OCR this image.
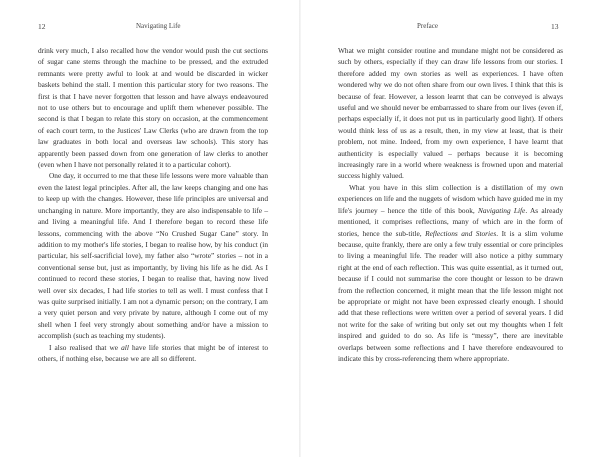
12	Navigating Life

drink very much, I also recalled how the vendor would push the cut sections of sugar cane stems through the machine to be pressed, and the extruded remnants were pretty awful to look at and would be discarded in wicker baskets behind the stall. I mention this particular story for two reasons. The first is that I have never forgotten that lesson and have always endeavoured not to use others but to encourage and uplift them whenever possible. The second is that I began to relate this story on occasion, at the commencement of each court term, to the Justices' Law Clerks (who are drawn from the top law graduates in both local and overseas law schools). This story has apparently been passed down from one generation of law clerks to another (even when I have not personally related it to a particular cohort).

One day, it occurred to me that these life lessons were more valuable than even the latest legal principles. After all, the law keeps changing and one has to keep up with the changes. However, these life principles are universal and unchanging in nature. More importantly, they are also indispensable to life – and living a meaningful life. And I therefore began to record these life lessons, commencing with the above “No Crushed Sugar Cane” story. In addition to my mother's life stories, I began to realise how, by his conduct (in particular, his self-sacrificial love), my father also “wrote” stories – not in a conventional sense but, just as importantly, by living his life as he did. As I continued to record these stories, I began to realise that, having now lived well over six decades, I had life stories to tell as well. I must confess that I was quite surprised initially. I am not a dynamic person; on the contrary, I am a very quiet person and very private by nature, although I come out of my shell when I feel very strongly about something and/or have a mission to accomplish (such as teaching my students).

I also realised that we all have life stories that might be of interest to others, if nothing else, because we are all so different.

Preface	13

What we might consider routine and mundane might not be considered as such by others, especially if they can draw life lessons from our stories. I therefore added my own stories as well as experiences. I have often wondered why we do not often share from our own lives. I think that this is because of fear. However, a lesson learnt that can be conveyed is always useful and we should never be embarrassed to share from our lives (even if, perhaps especially if, it does not put us in particularly good light). If others would think less of us as a result, then, in my view at least, that is their problem, not mine. Indeed, from my own experience, I have learnt that authenticity is especially valued – perhaps because it is becoming increasingly rare in a world where weakness is frowned upon and material success highly valued.

What you have in this slim collection is a distillation of my own experiences on life and the nuggets of wisdom which have guided me in my life's journey – hence the title of this book, Navigating Life. As already mentioned, it comprises reflections, many of which are in the form of stories, hence the sub-title, Reflections and Stories. It is a slim volume because, quite frankly, there are only a few truly essential or core principles to living a meaningful life. The reader will also notice a pithy summary right at the end of each reflection. This was quite essential, as it turned out, because if I could not summarise the core thought or lesson to be drawn from the reflection concerned, it might mean that the life lesson might not be appropriate or might not have been expressed clearly enough. I should add that these reflections were written over a period of several years. I did not write for the sake of writing but only set out my thoughts when I felt inspired and guided to do so. As life is “messy”, there are inevitable overlaps between some reflections and I have therefore endeavoured to indicate this by cross-referencing them where appropriate.
